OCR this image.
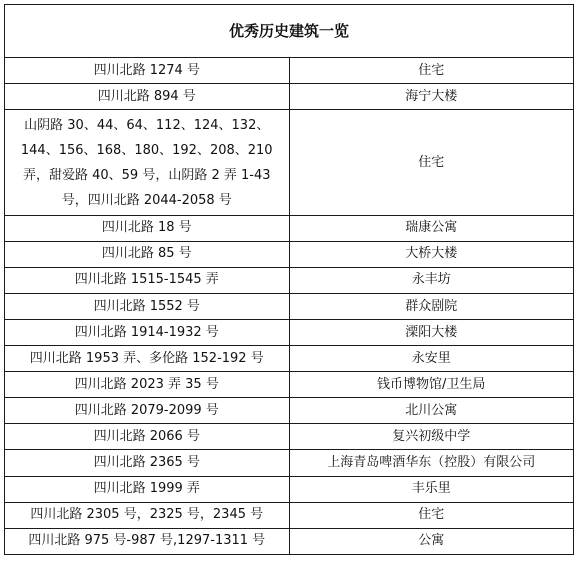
优秀历史建筑一览	
四川北路 1274 号	住宅
四川北路 894 号	海宁大楼
山阴路 30、44、64、112、124、132、144、156、168、180、192、208、210 弄，甜爱路 40、59 号，山阴路 2 弄 1-43 号，四川北路 2044-2058 号	住宅
四川北路 18 号	瑞康公寓
四川北路 85 号	大桥大楼
四川北路 1515-1545 弄	永丰坊
四川北路 1552 号	群众剧院
四川北路 1914-1932 号	溧阳大楼
四川北路 1953 弄、多伦路 152-192 号	永安里
四川北路 2023 弄 35 号	钱币博物馆/卫生局
四川北路 2079-2099 号	北川公寓
四川北路 2066 号	复兴初级中学
四川北路 2365 号	上海青岛啤酒华东（控股）有限公司
四川北路 1999 弄	丰乐里
四川北路 2305 号，2325 号，2345 号	住宅
四川北路 975 号-987 号,1297-1311 号	公寓
